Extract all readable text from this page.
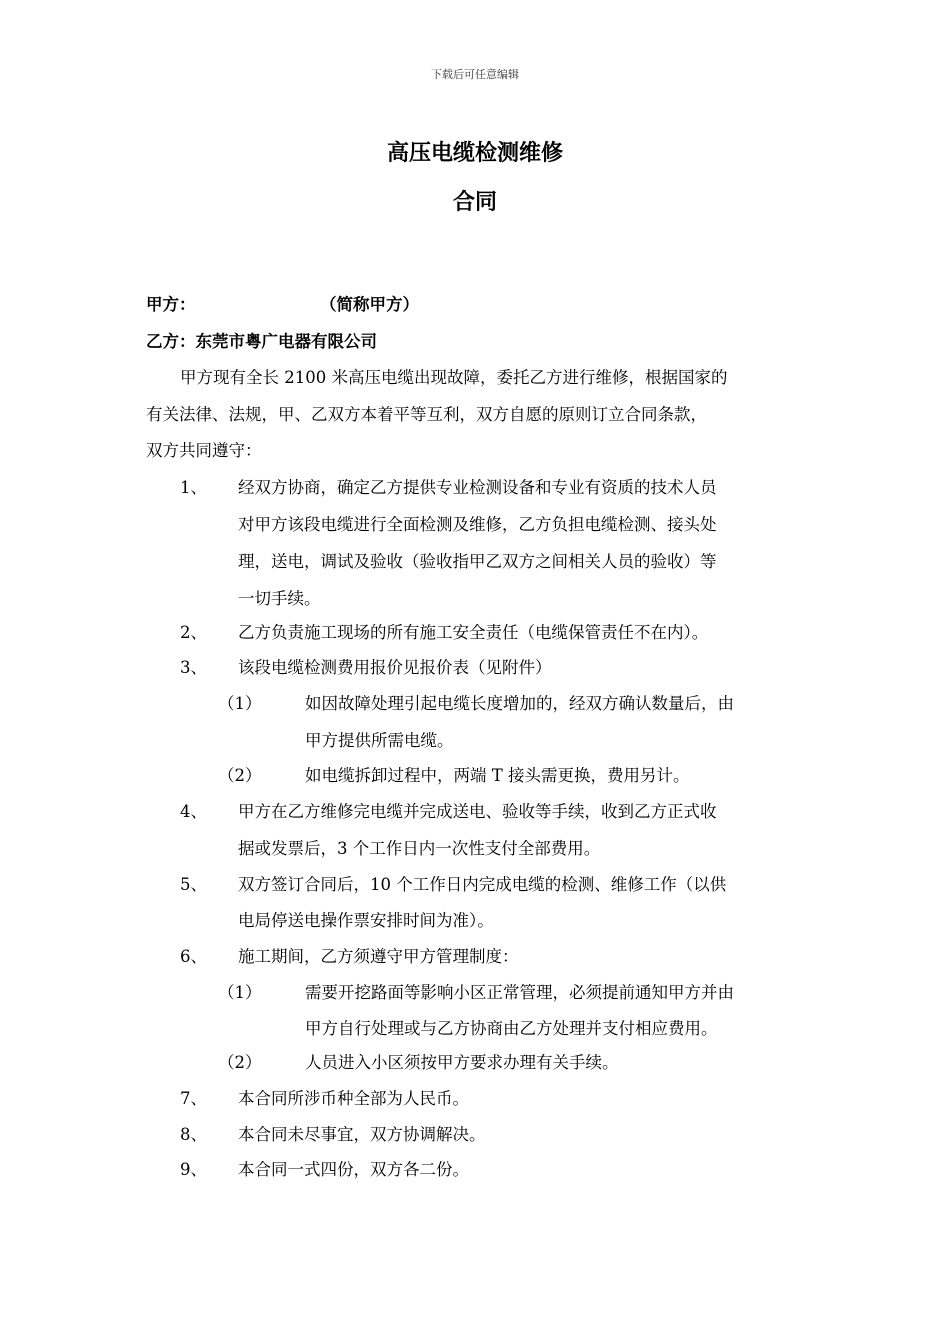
下载后可任意编辑
高压电缆检测维修
合同
甲方：	（简称甲方）
乙方：东莞市粤广电器有限公司
甲方现有全长 2100 米高压电缆出现故障，委托乙方进行维修，根据国家的
有关法律、法规，甲、乙双方本着平等互利，双方自愿的原则订立合同条款，
双方共同遵守：
1、 经双方协商，确定乙方提供专业检测设备和专业有资质的技术人员
对甲方该段电缆进行全面检测及维修，乙方负担电缆检测、接头处
理，送电，调试及验收（验收指甲乙双方之间相关人员的验收）等
一切手续。
2、 乙方负责施工现场的所有施工安全责任（电缆保管责任不在内）。
3、 该段电缆检测费用报价见报价表（见附件）
（1）	如因故障处理引起电缆长度增加的，经双方确认数量后，由
甲方提供所需电缆。
（2）	如电缆拆卸过程中，两端 T 接头需更换，费用另计。
4、 甲方在乙方维修完电缆并完成送电、验收等手续，收到乙方正式收
据或发票后，3 个工作日内一次性支付全部费用。
5、 双方签订合同后，10 个工作日内完成电缆的检测、维修工作（以供
电局停送电操作票安排时间为准）。
6、 施工期间，乙方须遵守甲方管理制度：
（1）	需要开挖路面等影响小区正常管理，必须提前通知甲方并由
甲方自行处理或与乙方协商由乙方处理并支付相应费用。
（2）	人员进入小区须按甲方要求办理有关手续。
7、 本合同所涉币种全部为人民币。
8、 本合同未尽事宜，双方协调解决。
9、 本合同一式四份，双方各二份。
